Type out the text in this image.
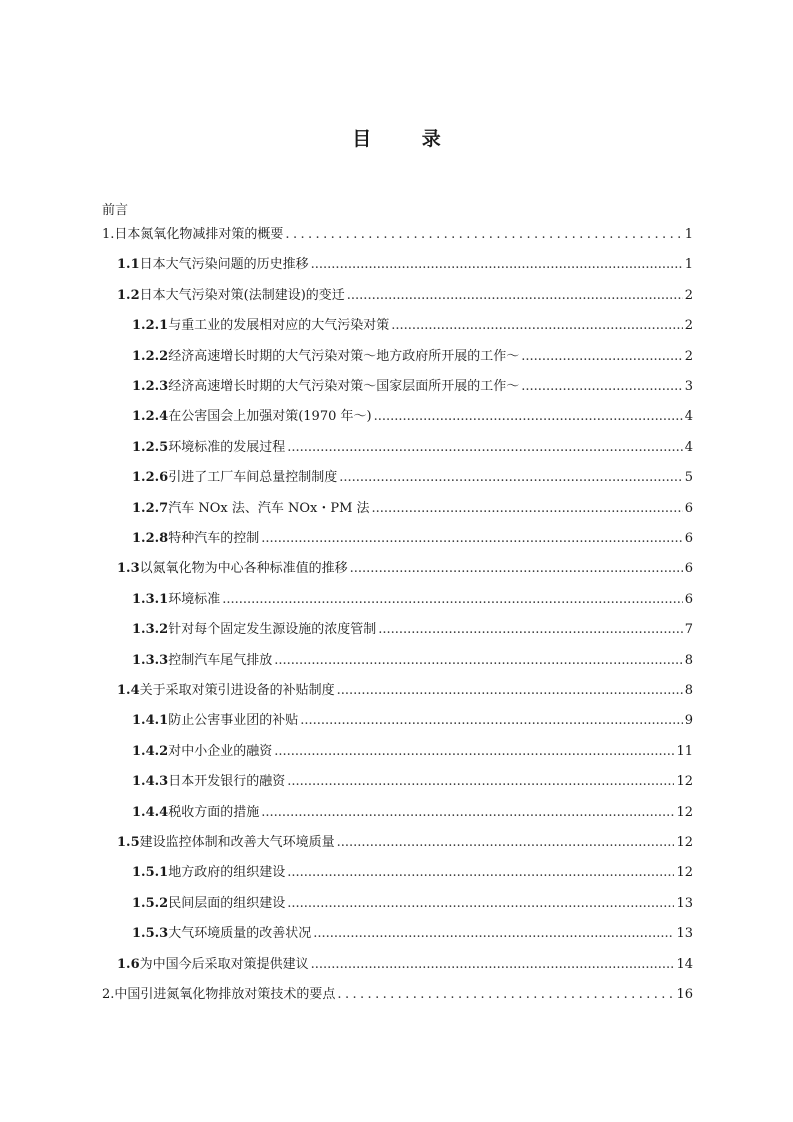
目 录
前言
1. 日本氮氧化物减排对策的概要 .....	1
1.1 日本大气污染问题的历史推移 .....	1
1.2 日本大气污染对策(法制建设)的变迁 .....	2
1.2.1 与重工业的发展相对应的大气污染对策 .....	2
1.2.2 经济高速增长时期的大气污染对策～地方政府所开展的工作～ .....	2
1.2.3 经济高速增长时期的大气污染对策～国家层面所开展的工作～ .....	3
1.2.4 在公害国会上加强对策(1970 年～) .....	4
1.2.5 环境标准的发展过程 .....	4
1.2.6 引进了工厂车间总量控制制度 .....	5
1.2.7 汽车 NOx 法、汽车 NOx・PM 法 .....	6
1.2.8 特种汽车的控制 .....	6
1.3 以氮氧化物为中心各种标准值的推移 .....	6
1.3.1 环境标准 .....	6
1.3.2 针对每个固定发生源设施的浓度管制 .....	7
1.3.3 控制汽车尾气排放 .....	8
1.4 关于采取对策引进设备的补贴制度 .....	8
1.4.1 防止公害事业团的补贴 .....	9
1.4.2 对中小企业的融资 .....	11
1.4.3 日本开发银行的融资 .....	12
1.4.4 税收方面的措施 .....	12
1.5 建设监控体制和改善大气环境质量 .....	12
1.5.1 地方政府的组织建设 .....	12
1.5.2 民间层面的组织建设 .....	13
1.5.3 大气环境质量的改善状况 .....	13
1.6 为中国今后采取对策提供建议 .....	14
2. 中国引进氮氧化物排放对策技术的要点 .....	16
